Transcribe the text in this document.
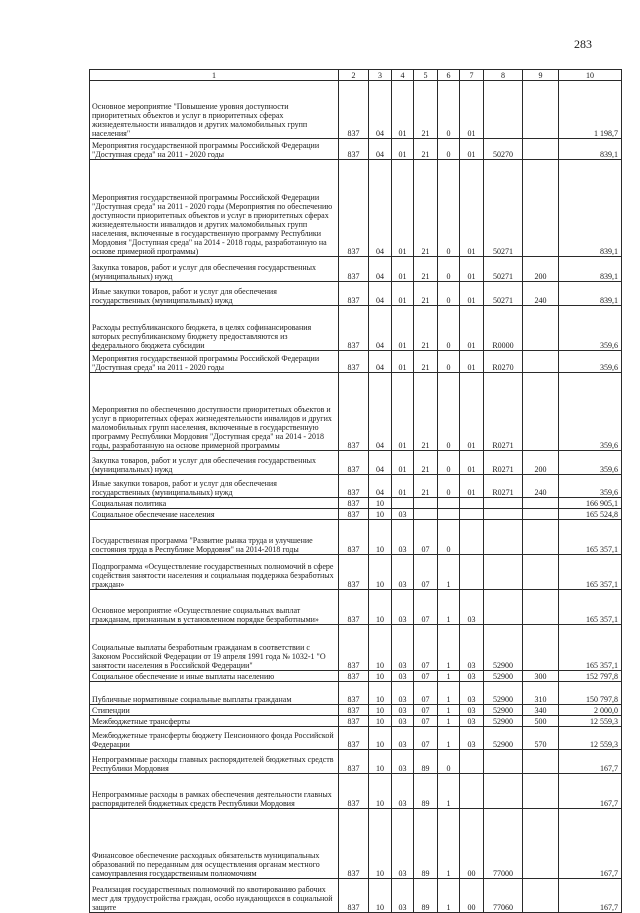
283
1	2	3	4	5	6	7	8	9	10
Основное мероприятие "Повышение уровня доступности приоритетных объектов и услуг в приоритетных сферах жизнедеятельности инвалидов и других маломобильных групп населения"	837	04	01	21	0	01			1 198,7
Мероприятия государственной программы Российской Федерации "Доступная среда" на 2011 - 2020 годы	837	04	01	21	0	01	50270		839,1
Мероприятия государственной программы Российской Федерации "Доступная среда" на 2011 - 2020 годы (Мероприятия по обеспечению доступности приоритетных объектов и услуг в приоритетных сферах жизнедеятельности инвалидов и других маломобильных групп населения, включенные в государственную программу Республики Мордовия "Доступная среда" на 2014 - 2018 годы, разработанную на основе примерной программы)	837	04	01	21	0	01	50271		839,1
Закупка товаров, работ и услуг для обеспечения государственных (муниципальных) нужд	837	04	01	21	0	01	50271	200	839,1
Иные закупки товаров, работ и услуг для обеспечения государственных (муниципальных) нужд	837	04	01	21	0	01	50271	240	839,1
Расходы республиканского бюджета, в целях софинансирования которых республиканскому бюджету предоставляются из федерального бюджета субсидии	837	04	01	21	0	01	R0000		359,6
Мероприятия государственной программы Российской Федерации "Доступная среда" на 2011 - 2020 годы	837	04	01	21	0	01	R0270		359,6
Мероприятия по обеспечению доступности приоритетных объектов и услуг в приоритетных сферах жизнедеятельности инвалидов и других маломобильных групп населения, включенные в государственную программу Республики Мордовия "Доступная среда" на 2014 - 2018 годы, разработанную на основе примерной программы	837	04	01	21	0	01	R0271		359,6
Закупка товаров, работ и услуг для обеспечения государственных (муниципальных) нужд	837	04	01	21	0	01	R0271	200	359,6
Иные закупки товаров, работ и услуг для обеспечения государственных (муниципальных) нужд	837	04	01	21	0	01	R0271	240	359,6
Социальная политика	837	10							166 905,1
Социальное обеспечение населения	837	10	03						165 524,8
Государственная программа "Развитие рынка труда и улучшение состояния труда в Республике Мордовия" на 2014-2018 годы	837	10	03	07	0				165 357,1
Подпрограмма «Осуществление государственных полномочий в сфере содействия занятости населения и социальная поддержка безработных граждан»	837	10	03	07	1				165 357,1
Основное мероприятие «Осуществление социальных выплат гражданам, признанным в установленном порядке безработными»	837	10	03	07	1	03			165 357,1
Социальные выплаты безработным гражданам в соответствии с Законом Российской Федерации от 19 апреля 1991 года № 1032-1 "О занятости населения в Российской Федерации"	837	10	03	07	1	03	52900		165 357,1
Социальное обеспечение и иные выплаты населению	837	10	03	07	1	03	52900	300	152 797,8
Публичные нормативные социальные выплаты гражданам	837	10	03	07	1	03	52900	310	150 797,8
Стипендии	837	10	03	07	1	03	52900	340	2 000,0
Межбюджетные трансферты	837	10	03	07	1	03	52900	500	12 559,3
Межбюджетные трансферты бюджету Пенсионного фонда Российской Федерации	837	10	03	07	1	03	52900	570	12 559,3
Непрограммные расходы главных распорядителей бюджетных средств Республики Мордовия	837	10	03	89	0				167,7
Непрограммные расходы в рамках обеспечения деятельности главных распорядителей бюджетных средств Республики Мордовия	837	10	03	89	1				167,7
Финансовое обеспечение расходных обязательств муниципальных образований по переданным для осуществления органам местного самоуправления государственным полномочиям	837	10	03	89	1	00	77000		167,7
Реализация государственных полномочий по квотированию рабочих мест для трудоустройства граждан, особо нуждающихся в социальной защите	837	10	03	89	1	00	77060		167,7
